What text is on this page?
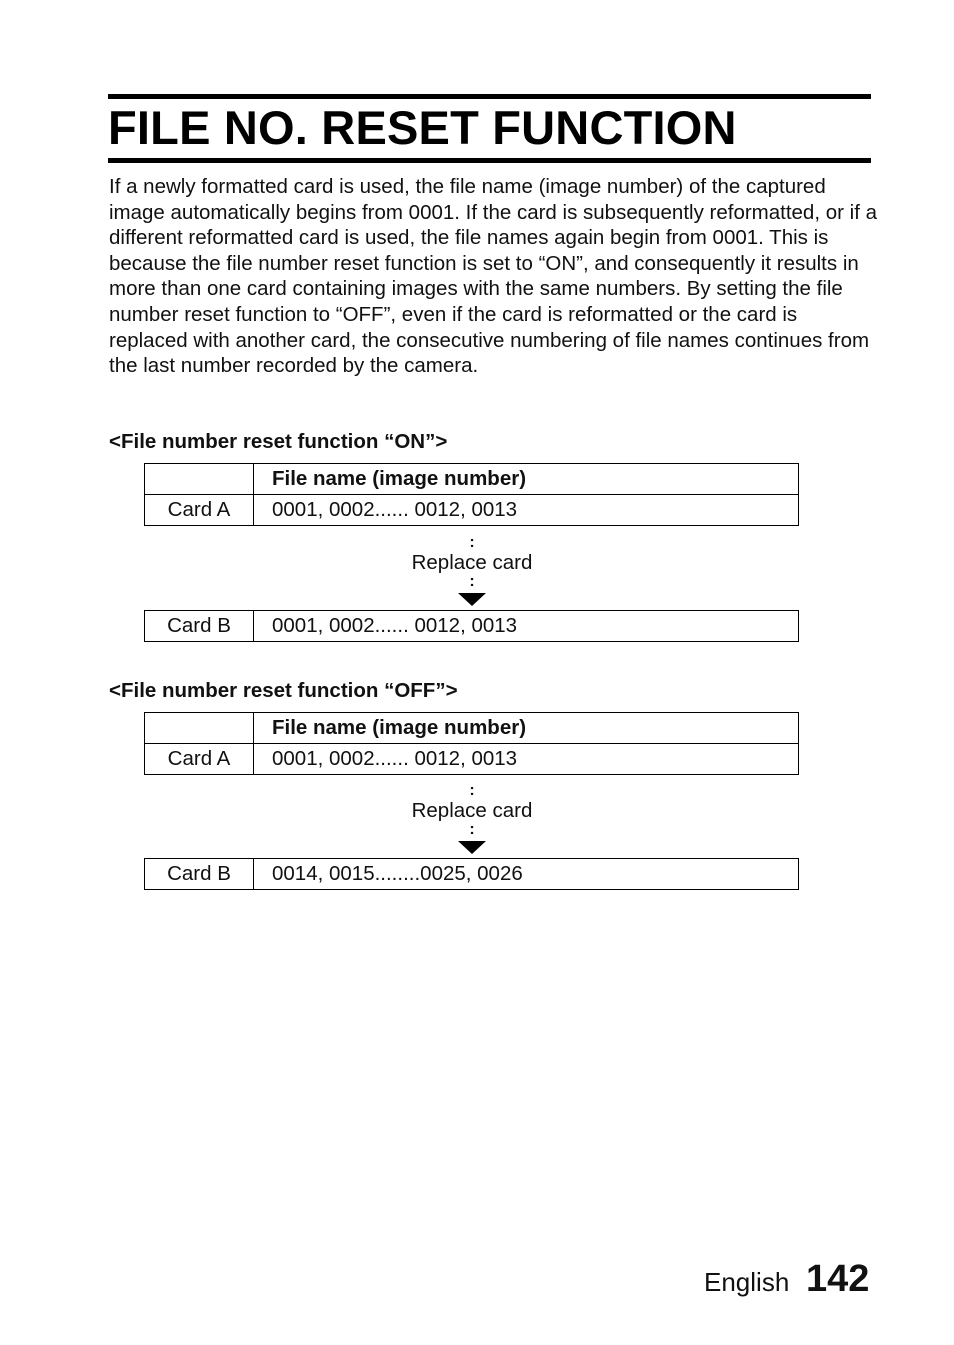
FILE NO. RESET FUNCTION

If a newly formatted card is used, the file name (image number) of the captured image automatically begins from 0001. If the card is subsequently reformatted, or if a different reformatted card is used, the file names again begin from 0001. This is because the file number reset function is set to “ON”, and consequently it results in more than one card containing images with the same numbers. By setting the file number reset function to “OFF”, even if the card is reformatted or the card is replaced with another card, the consecutive numbering of file names continues from the last number recorded by the camera.

<File number reset function “ON”>
	File name (image number)
Card A	0001, 0002...... 0012, 0013
:
Replace card
:
Card B	0001, 0002...... 0012, 0013
<File number reset function “OFF”>
	File name (image number)
Card A	0001, 0002...... 0012, 0013
:
Replace card
:
Card B	0014, 0015........0025, 0026
English 142
